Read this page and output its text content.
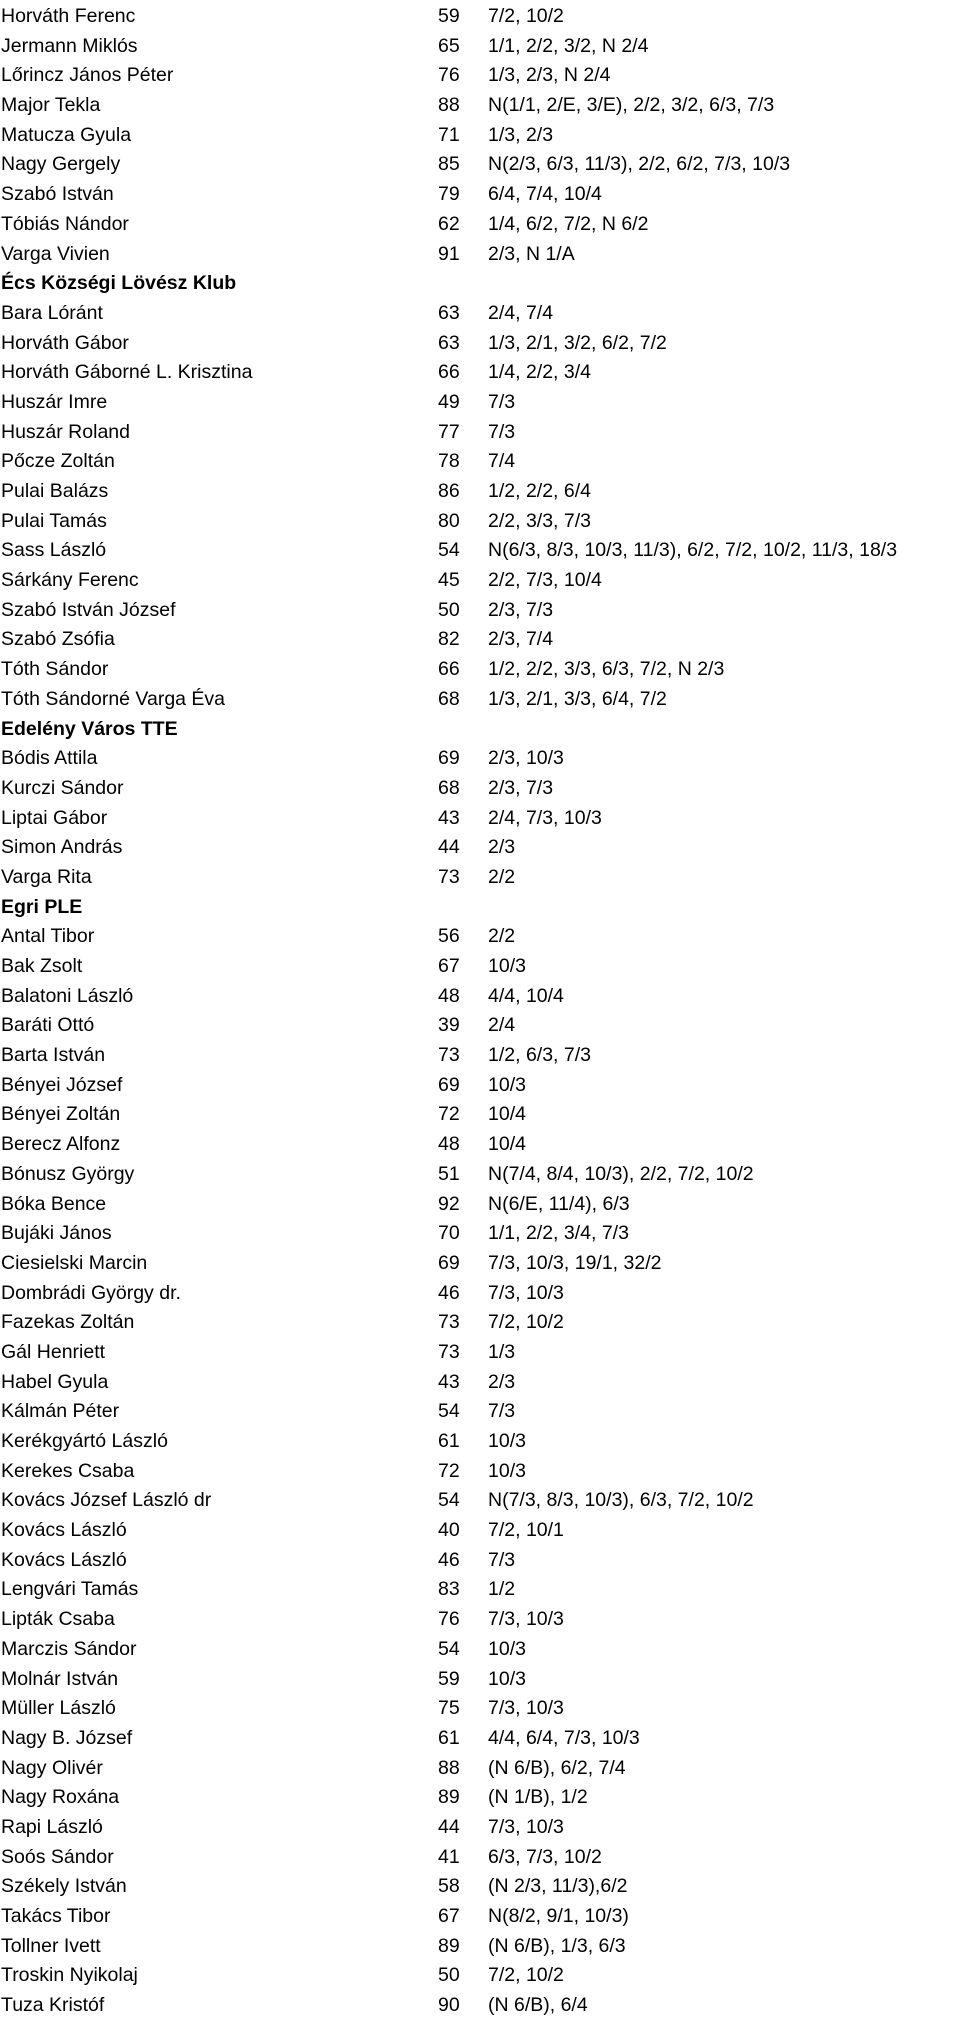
Horváth Ferenc	59 7/2, 10/2
Jermann Miklós	65 1/1, 2/2, 3/2, N 2/4
Lőrincz János Péter	76 1/3, 2/3, N 2/4
Major Tekla	88 N(1/1, 2/E, 3/E), 2/2, 3/2, 6/3, 7/3
Matucza Gyula	71 1/3, 2/3
Nagy Gergely	85 N(2/3, 6/3, 11/3), 2/2, 6/2, 7/3, 10/3
Szabó István	79 6/4, 7/4, 10/4
Tóbiás Nándor	62 1/4, 6/2, 7/2, N 6/2
Varga Vivien	91 2/3, N 1/A
Écs Községi Lövész Klub
Bara Lóránt	63 2/4, 7/4
Horváth Gábor	63 1/3, 2/1, 3/2, 6/2, 7/2
Horváth Gáborné L. Krisztina	66 1/4, 2/2, 3/4
Huszár Imre	49 7/3
Huszár Roland	77 7/3
Pőcze Zoltán	78 7/4
Pulai Balázs	86 1/2, 2/2, 6/4
Pulai Tamás	80 2/2, 3/3, 7/3
Sass László	54 N(6/3, 8/3, 10/3, 11/3), 6/2, 7/2, 10/2, 11/3, 18/3
Sárkány Ferenc	45 2/2, 7/3, 10/4
Szabó István József	50 2/3, 7/3
Szabó Zsófia	82 2/3, 7/4
Tóth Sándor	66 1/2, 2/2, 3/3, 6/3, 7/2, N 2/3
Tóth Sándorné Varga Éva	68 1/3, 2/1, 3/3, 6/4, 7/2
Edelény Város TTE
Bódis Attila	69 2/3, 10/3
Kurczi Sándor	68 2/3, 7/3
Liptai Gábor	43 2/4, 7/3, 10/3
Simon András	44 2/3
Varga Rita	73 2/2
Egri PLE
Antal Tibor	56 2/2
Bak Zsolt	67 10/3
Balatoni László	48 4/4, 10/4
Baráti Ottó	39 2/4
Barta István	73 1/2, 6/3, 7/3
Bényei József	69 10/3
Bényei Zoltán	72 10/4
Berecz Alfonz	48 10/4
Bónusz György	51 N(7/4, 8/4, 10/3), 2/2, 7/2, 10/2
Bóka Bence	92 N(6/E, 11/4), 6/3
Bujáki János	70 1/1, 2/2, 3/4, 7/3
Ciesielski Marcin	69 7/3, 10/3, 19/1, 32/2
Dombrádi György dr.	46 7/3, 10/3
Fazekas Zoltán	73 7/2, 10/2
Gál Henriett	73 1/3
Habel Gyula	43 2/3
Kálmán Péter	54 7/3
Kerékgyártó László	61 10/3
Kerekes Csaba	72 10/3
Kovács József László dr	54 N(7/3, 8/3, 10/3), 6/3, 7/2, 10/2
Kovács László	40 7/2, 10/1
Kovács László	46 7/3
Lengvári Tamás	83 1/2
Lipták Csaba	76 7/3, 10/3
Marczis Sándor	54 10/3
Molnár István	59 10/3
Müller László	75 7/3, 10/3
Nagy B. József	61 4/4, 6/4, 7/3, 10/3
Nagy Olivér	88 (N 6/B), 6/2, 7/4
Nagy Roxána	89 (N 1/B), 1/2
Rapi László	44 7/3, 10/3
Soós Sándor	41 6/3, 7/3, 10/2
Székely István	58 (N 2/3, 11/3),6/2
Takács Tibor	67 N(8/2, 9/1, 10/3)
Tollner Ivett	89 (N 6/B), 1/3, 6/3
Troskin Nyikolaj	50 7/2, 10/2
Tuza Kristóf	90 (N 6/B), 6/4
